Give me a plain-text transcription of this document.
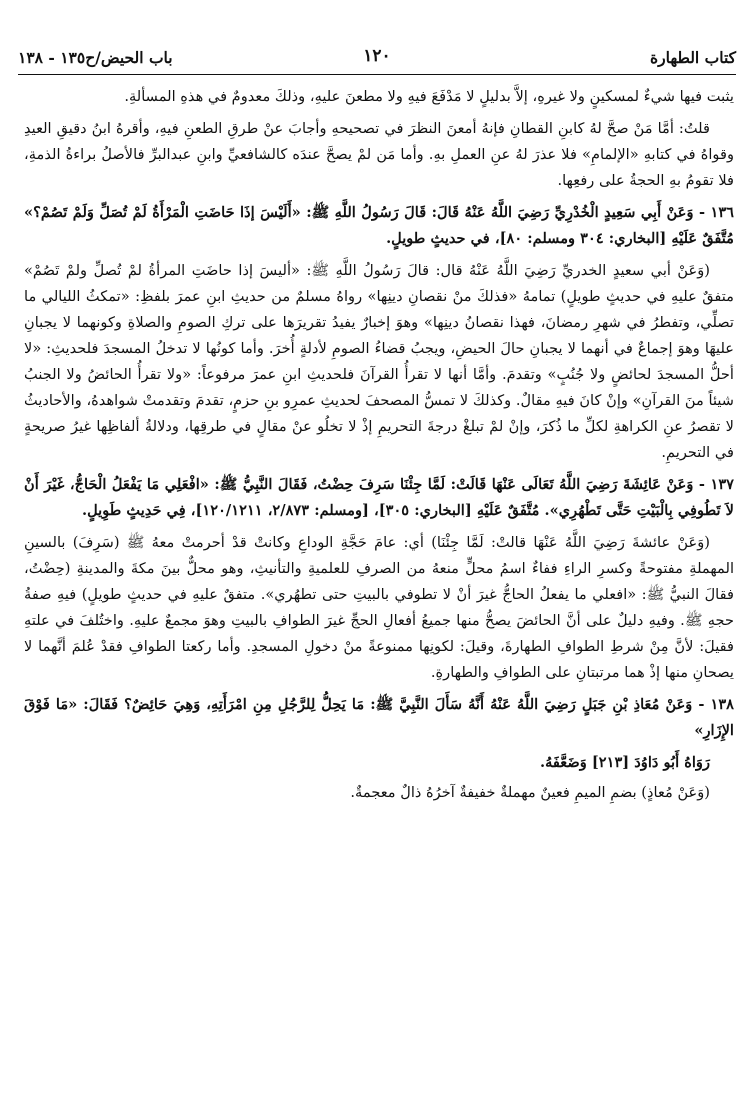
كتاب الطهارة
١٢٠
باب الحيض/ح١٣٥ - ١٣٨

يثبت فيها شيءٌ لمسكينٍ ولا غيرهِ، إلاَّ بدليلٍ لا مَدْفَعَ فيهِ ولا مطعنَ عليهِ، وذلكَ معدومٌ في هذهِ المسألةِ.

قلتُ: أمَّا مَنْ صحَّ لهُ كابنِ القطانِ فإنهُ أمعنَ النظرَ في تصحيحهِ وأجابَ عنْ طرقِ الطعنِ فيهِ، وأقرهُ ابنُ دقيقِ العيدِ وقواهُ في كتابهِ «الإلمامِ» فلا عذرَ لهُ عنِ العملِ بهِ. وأما مَن لمْ يصحَّ عندَه كالشافعيِّ وابنِ عبدالبرِّ فالأصلُ براءةُ الذمةِ، فلا تقومُ بهِ الحجةُ على رفعِها.

١٣٦ - وَعَنْ أَبِي سَعِيدٍ الْخُدْرِيِّ رَضِيَ اللَّهُ عَنْهُ قَالَ: قَالَ رَسُولُ اللَّهِ ﷺ: «أَلَيْسَ إذَا حَاضَتِ الْمَرْأَةُ لَمْ تُصَلِّ وَلَمْ تَصُمْ؟» مُتَّفَقٌ عَلَيْهِ [البخاري: ٣٠٤ ومسلم: ٨٠]، في حديثٍ طويلٍ.

(وَعَنْ أبي سعيدٍ الخدريِّ رَضِيَ اللَّهُ عَنْهُ قال: قالَ رَسُولُ اللَّهِ ﷺ: «أليسَ إذا حاضَتِ المرأةُ لمْ تُصلِّ ولمْ تَصُمْ» متفقٌ عليهِ في حديثٍ طويلٍ) تمامهُ «فذلكَ منْ نقصانِ دينِها» رواهُ مسلمٌ من حديثِ ابنِ عمرَ بلفظِ: «تمكثُ الليالي ما تصلِّي، وتفطرُ في شهرِ رمضانَ، فهذا نقصانُ دينِها» وهوَ إخبارٌ يفيدُ تقريرَها على تركِ الصومِ والصلاةِ وكونهما لا يجبانِ عليهَا وهوَ إجماعٌ في أنهما لا يجبانِ حالَ الحيضِ، ويجبُ قضاءُ الصومِ لأدلةٍ أُخرَ. وأما كونُها لا تدخلُ المسجدَ فلحديثِ: «لا أحلُّ المسجدَ لحائضٍ ولا جُنُبٍ» وتقدمَ. وأمَّا أنها لا تقرأُ القرآنَ فلحديثِ ابنِ عمرَ مرفوعاً: «ولا تقرأُ الحائضُ ولا الجنبُ شيئاً منَ القرآنِ» وإنْ كانَ فيهِ مقالٌ. وكذلكَ لا تمسُّ المصحفَ لحديثِ عمرِو بنِ حزمٍ، تقدمَ وتقدمتْ شواهدهُ، والأحاديثُ لا تقصرُ عنِ الكراهةِ لكلِّ ما ذُكرَ، وإنْ لمْ تبلغْ درجةَ التحريمِ إذْ لا تخلُو عنْ مقالٍ في طرقِها، ودلالةُ ألفاظِها غيرُ صريحةٍ في التحريمِ.

١٣٧ - وَعَنْ عَائِشَةَ رَضِيَ اللَّهُ تَعَالَى عَنْهَا قَالَتْ: لَمَّا جِئْنَا سَرِفَ حِضْتُ، فَقَالَ النَّبِيُّ ﷺ: «افْعَلِي مَا يَفْعَلُ الْحَاجُّ، غَيْرَ أَنْ لاَ تَطُوفِي بِالْبَيْتِ حَتَّى تَطْهُرِي». مُتَّفَقٌ عَلَيْهِ [البخاري: ٣٠٥]، [ومسلم: ٢/٨٧٣، ١٢٠/١٢١١]، فِي حَدِيثٍ طَوِيلٍ.

(وَعَنْ عائشةَ رَضِيَ اللَّهُ عَنْهَا قالتْ: لَمَّا جِئْنَا) أي: عامَ حَجَّةِ الوداعِ وكانتْ قدْ أحرمتْ معهُ ﷺ (سَرِفَ) بالسينِ المهملةِ مفتوحةً وكسرِ الراءِ ففاءٌ اسمُ محلٍّ منعهُ من الصرفِ للعلميةِ والتأنيثِ، وهو محلٌّ بينَ مكةَ والمدينةِ (حِضْتُ، فقالَ النبيُّ ﷺ: «افعلي ما يفعلُ الحاجُّ غيرَ أنْ لا تطوفي بالبيتِ حتى تطهُري». متفقٌ عليهِ في حديثٍ طويلٍ) فيهِ صفةُ حجهِ ﷺ. وفيهِ دليلٌ على أنَّ الحائضَ يصحُّ منها جميعُ أفعالِ الحجِّ غيرَ الطوافِ بالبيتِ وهوَ مجمعٌ عليهِ. واختُلفَ في علتهِ فقيلَ: لأنَّ مِنْ شرطِ الطوافِ الطهارةَ، وقيلَ: لكونِها ممنوعةً منْ دخولِ المسجدِ. وأما ركعتا الطوافِ فقدْ عُلمَ أنَّهما لا يصحانِ منها إذْ هما مرتبتانِ على الطوافِ والطهارةِ.

١٣٨ - وَعَنْ مُعَاذِ بْنِ جَبَلٍ رَضِيَ اللَّهُ عَنْهُ أَنَّهُ سَأَلَ النَّبِيَّ ﷺ: مَا يَحِلُّ لِلرَّجُلِ مِنِ امْرَأَتِهِ، وَهِيَ حَائِضٌ؟ فَقَالَ: «مَا فَوْقَ الإِزَارِ»

رَوَاهُ أَبُو دَاوُدَ [٢١٣] وَضَعَّفَهُ.

(وَعَنْ مُعاذٍ) بضمِ الميمِ فعينٌ مهملةٌ خفيفةٌ آخرُهُ ذالٌ معجمةٌ.
